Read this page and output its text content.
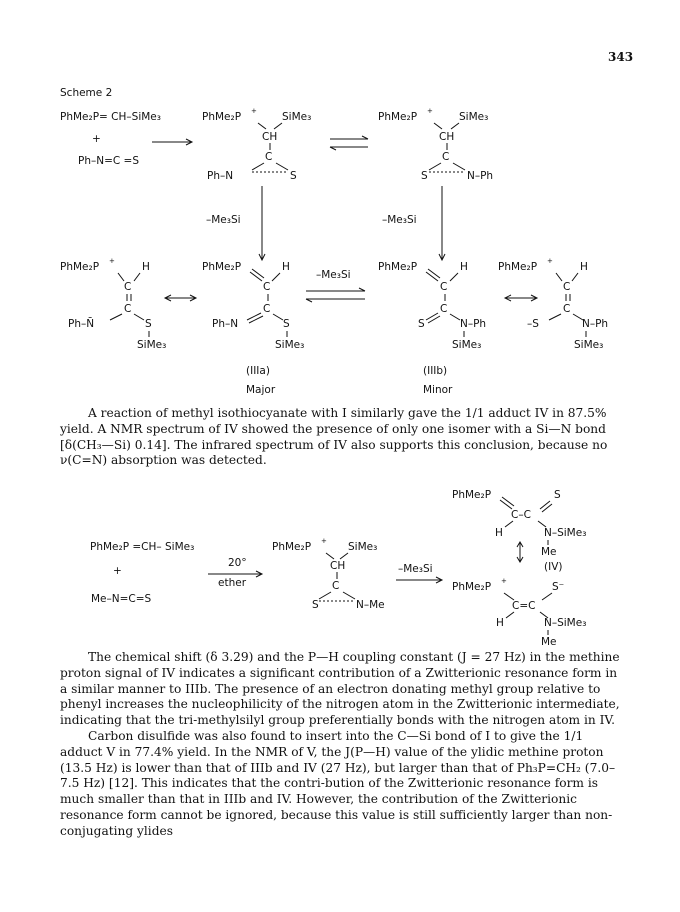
343
Scheme 2
PhMe₂P= CH–SiMe₃
+
Ph–N=C =S
PhMe₂P + SiMe₃
CH
C
Ph–N	S
PhMe₂P + SiMe₃
CH
C
S	N–Ph
–Me₃Si	–Me₃Si
PhMe₂P +	H
C
C
Ph–N̄	S
SiMe₃
PhMe₂P	H
C
C
Ph–N	S
SiMe₃
–Me₃Si
PhMe₂P	H
C
C
S	N–Ph
SiMe₃
PhMe₂P +	H
C
C
–S	N–Ph
SiMe₃
(IIIa)
Major
(IIIb)
Minor

A reaction of methyl isothiocyanate with I similarly gave the 1/1 adduct IV in 87.5% yield. A NMR spectrum of IV showed the presence of only one isomer with a Si—N bond [δ(CH₃—Si) 0.14]. The infrared spectrum of IV also supports this conclusion, because no ν(C=N) absorption was detected.

PhMe₂P =CH– SiMe₃
+
Me–N=C=S
20°
ether
PhMe₂P + SiMe₃
CH
C
S	N–Me
–Me₃Si
PhMe₂P
C–C
S
H	N–SiMe₃
Me
(IV)
PhMe₂P +
C=C
S⁻
H	N–SiMe₃
Me

The chemical shift (δ 3.29) and the P—H coupling constant (J = 27 Hz) in the methine proton signal of IV indicates a significant contribution of a Zwitterionic resonance form in a similar manner to IIIb. The presence of an electron donating methyl group relative to phenyl increases the nucleophilicity of the nitrogen atom in the Zwitterionic intermediate, indicating that the tri-methylsilyl group preferentially bonds with the nitrogen atom in IV.

Carbon disulfide was also found to insert into the C—Si bond of I to give the 1/1 adduct V in 77.4% yield. In the NMR of V, the J(P—H) value of the ylidic methine proton (13.5 Hz) is lower than that of IIIb and IV (27 Hz), but larger than that of Ph₃P=CH₂ (7.0–7.5 Hz) [12]. This indicates that the contri-bution of the Zwitterionic resonance form is much smaller than that in IIIb and IV. However, the contribution of the Zwitterionic resonance form cannot be ignored, because this value is still sufficiently larger than non-conjugating ylides
